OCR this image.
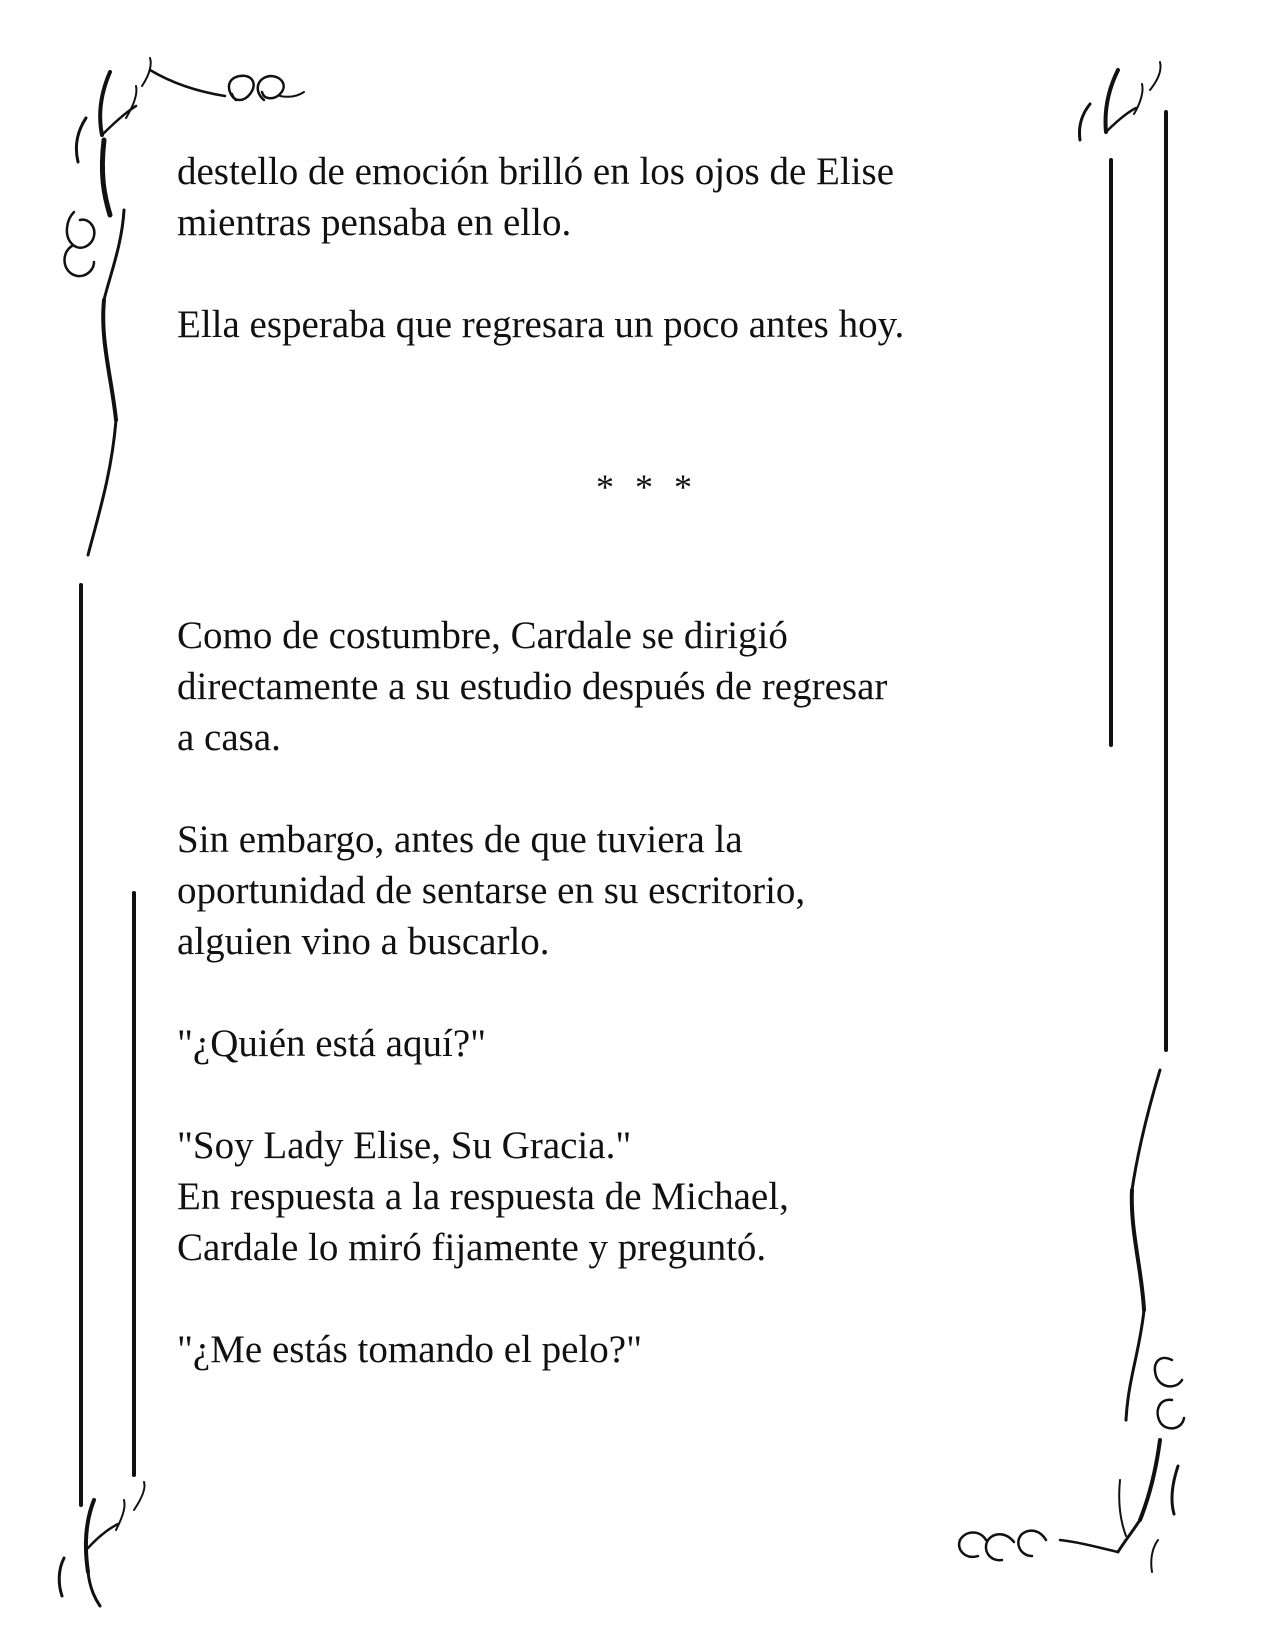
destello de emoción brilló en los ojos de Elise

mientras pensaba en ello.

Ella esperaba que regresara un poco antes hoy.

* * *

Como de costumbre, Cardale se dirigió

directamente a su estudio después de regresar

a casa.

Sin embargo, antes de que tuviera la

oportunidad de sentarse en su escritorio,

alguien vino a buscarlo.

"¿Quién está aquí?"

"Soy Lady Elise, Su Gracia."

En respuesta a la respuesta de Michael,

Cardale lo miró fijamente y preguntó.

"¿Me estás tomando el pelo?"
